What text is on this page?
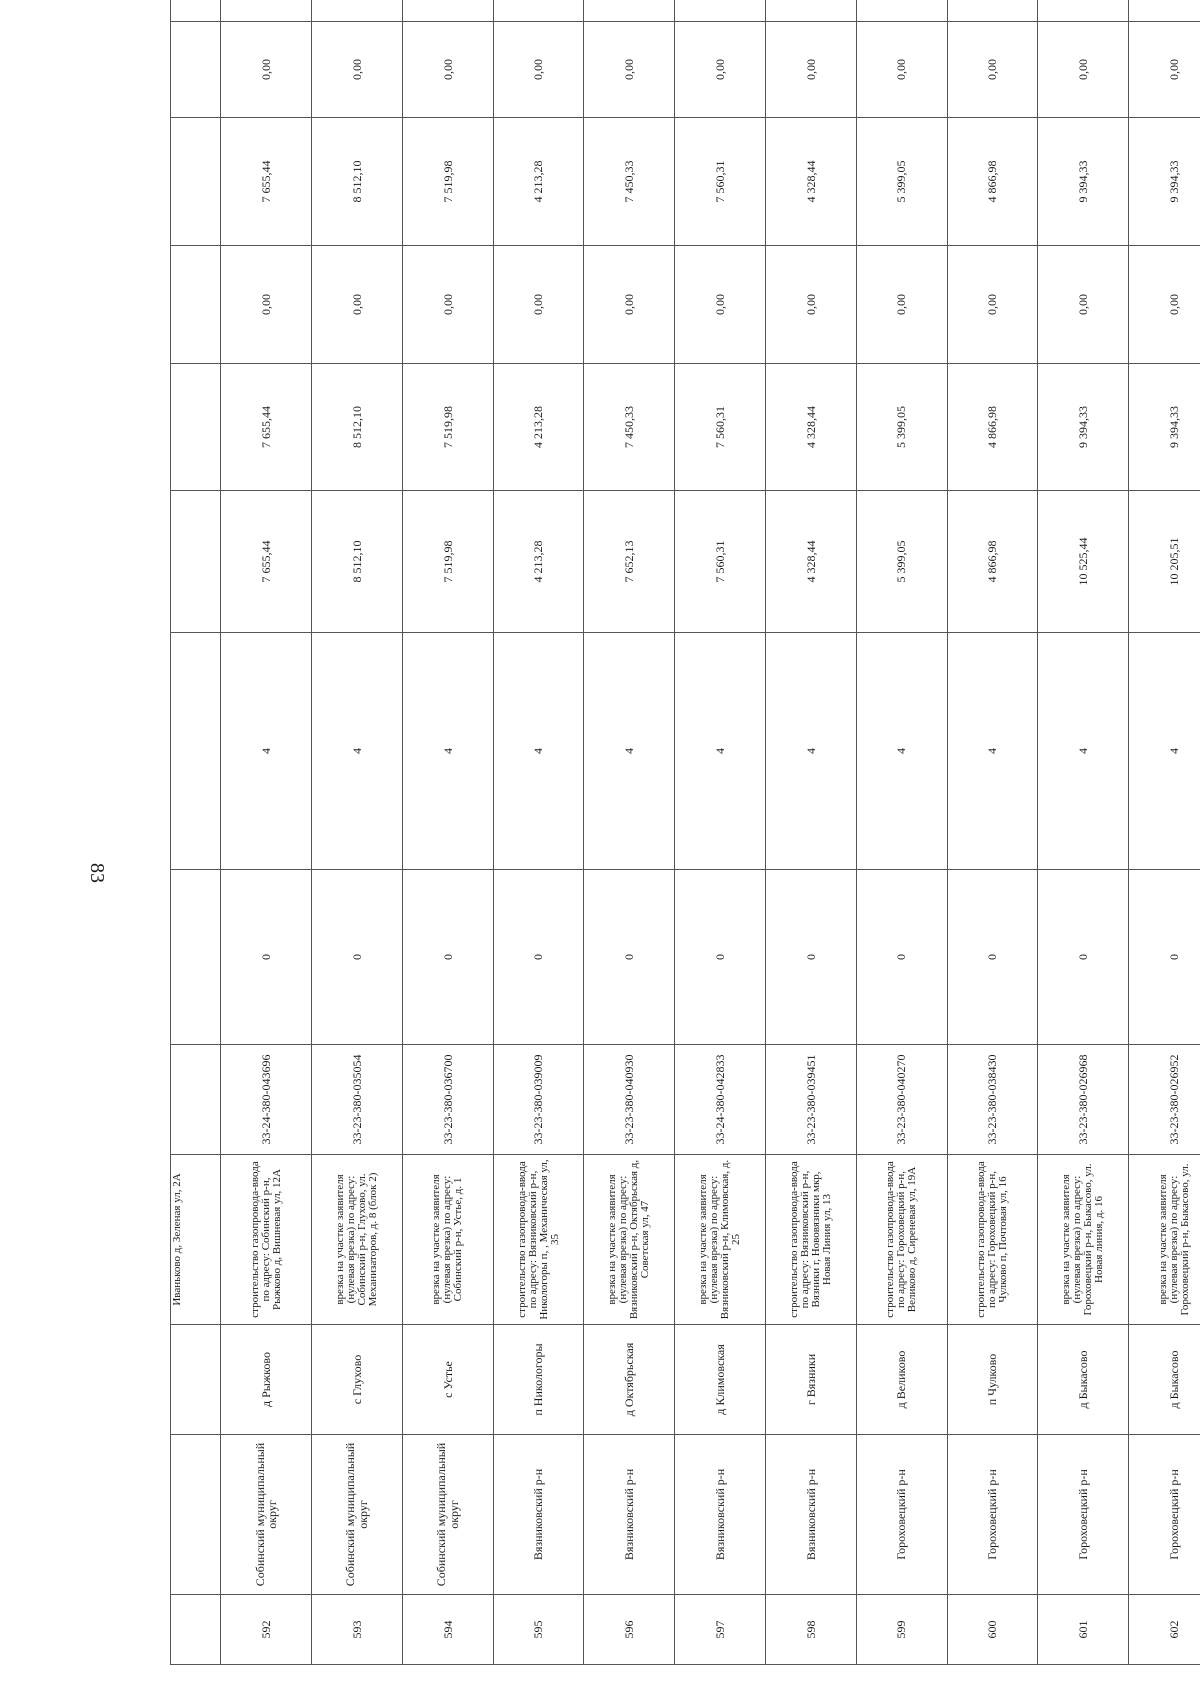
83
			Иваньково д, Зеленая ул, 2А									
592	Собинский муниципальный округ	д Рыжково	строительство газопровода-ввода по адресу: Собинский р-н, Рыжково д, Вишневая ул, 12А	33-24-380-043696	0	4	7 655,44	7 655,44	0,00	7 655,44	0,00	
593	Собинский муниципальный округ	с Глухово	врезка на участке заявителя (нулевая врезка) по адресу: Собинский р-н, Глухово, ул. Механизаторов, д. 8 (блок 2)	33-23-380-035054	0	4	8 512,10	8 512,10	0,00	8 512,10	0,00	
594	Собинский муниципальный округ	с Устье	врезка на участке заявителя (нулевая врезка) по адресу: Собинский р-н, Устье, д. 1	33-23-380-036700	0	4	7 519,98	7 519,98	0,00	7 519,98	0,00	
595	Вязниковский р-н	п Никологоры	строительство газопровода-ввода по адресу: Вязниковский р-н, Никологоры п, , Механическая ул, 35	33-23-380-039009	0	4	4 213,28	4 213,28	0,00	4 213,28	0,00	
596	Вязниковский р-н	д Октябрьская	врезка на участке заявителя (нулевая врезка) по адресу: Вязниковский р-н, Октябрьская д, Советская ул, 47	33-23-380-040930	0	4	7 652,13	7 450,33	0,00	7 450,33	0,00	
597	Вязниковский р-н	д Климовская	врезка на участке заявителя (нулевая врезка) по адресу: Вязниковский р-н, Климовская, д. 25	33-24-380-042833	0	4	7 560,31	7 560,31	0,00	7 560,31	0,00	
598	Вязниковский р-н	г Вязники	строительство газопровода-ввода по адресу: Вязниковский р-н, Вязники г, Нововязники мкр, Новая Линия ул, 13	33-23-380-039451	0	4	4 328,44	4 328,44	0,00	4 328,44	0,00	
599	Гороховецкий р-н	д Великово	строительство газопровода-ввода по адресу: Гороховецкий р-н, Великово д, Сиреневая ул, 19А	33-23-380-040270	0	4	5 399,05	5 399,05	0,00	5 399,05	0,00	
600	Гороховецкий р-н	п Чулково	строительство газопровода-ввода по адресу: Гороховецкий р-н, Чулково п, Почтовая ул, 16	33-23-380-038430	0	4	4 866,98	4 866,98	0,00	4 866,98	0,00	
601	Гороховецкий р-н	д Быкасово	врезка на участке заявителя (нулевая врезка) по адресу: Гороховецкий р-н, Быкасово, ул. Новая линия, д. 16	33-23-380-026968	0	4	10 525,44	9 394,33	0,00	9 394,33	0,00	
602	Гороховецкий р-н	д Быкасово	врезка на участке заявителя (нулевая врезка) по адресу: Гороховецкий р-н, Быкасово, ул.	33-23-380-026952	0	4	10 205,51	9 394,33	0,00	9 394,33	0,00	
